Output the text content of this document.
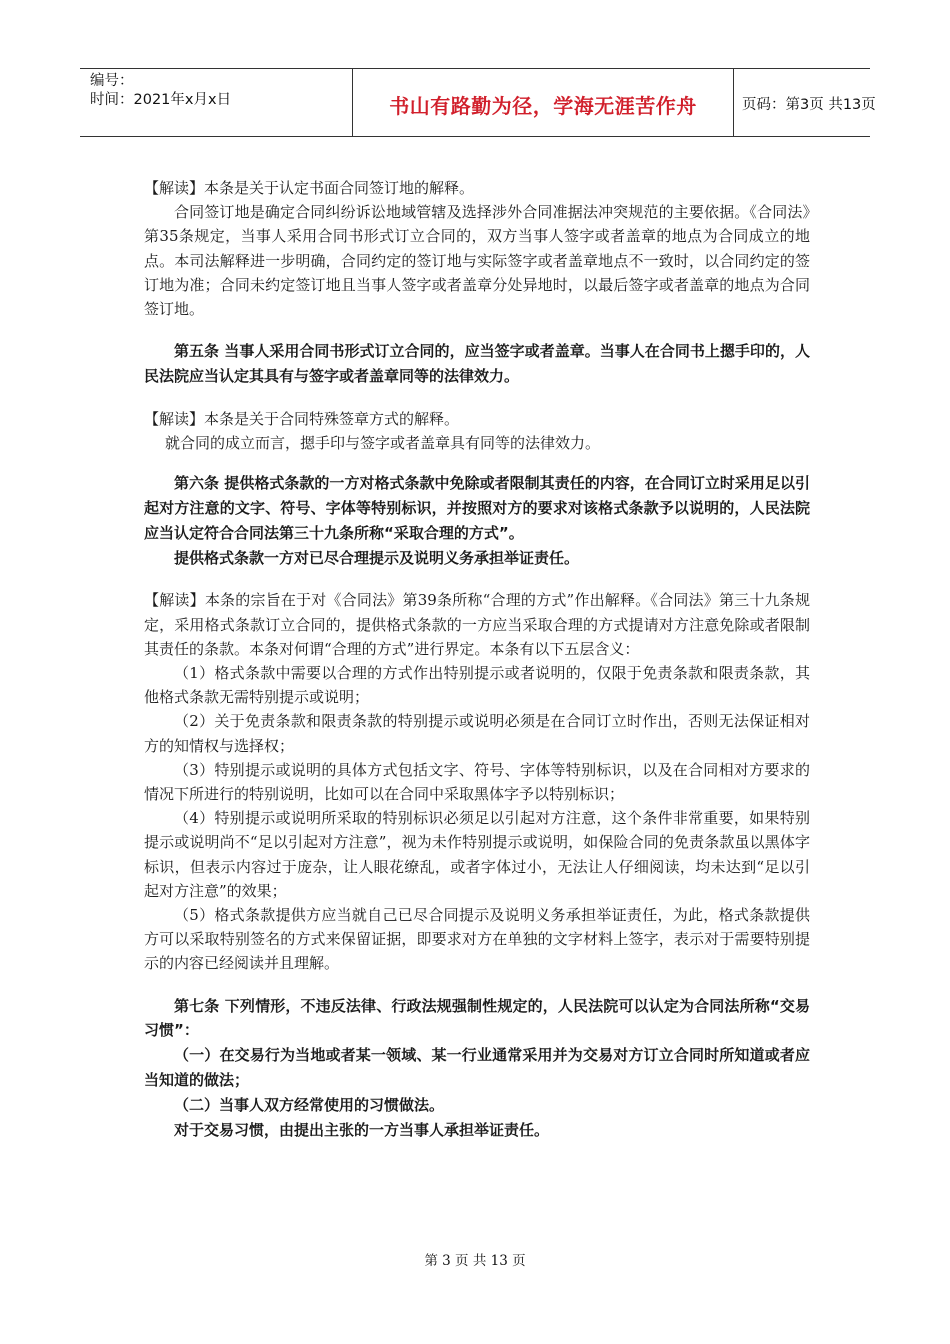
编号：
时间：2021年x月x日	书山有路勤为径，学海无涯苦作舟	页码：第3页 共13页

【解读】本条是关于认定书面合同签订地的解释。

合同签订地是确定合同纠纷诉讼地域管辖及选择涉外合同准据法冲突规范的主要依据。《合同法》第35条规定，当事人采用合同书形式订立合同的，双方当事人签字或者盖章的地点为合同成立的地点。本司法解释进一步明确，合同约定的签订地与实际签字或者盖章地点不一致时，以合同约定的签订地为准；合同未约定签订地且当事人签字或者盖章分处异地时，以最后签字或者盖章的地点为合同签订地。

第五条 当事人采用合同书形式订立合同的，应当签字或者盖章。当事人在合同书上摁手印的，人民法院应当认定其具有与签字或者盖章同等的法律效力。

【解读】本条是关于合同特殊签章方式的解释。

就合同的成立而言，摁手印与签字或者盖章具有同等的法律效力。

第六条 提供格式条款的一方对格式条款中免除或者限制其责任的内容，在合同订立时采用足以引起对方注意的文字、符号、字体等特别标识，并按照对方的要求对该格式条款予以说明的，人民法院应当认定符合合同法第三十九条所称“采取合理的方式”。

提供格式条款一方对已尽合理提示及说明义务承担举证责任。

【解读】本条的宗旨在于对《合同法》第39条所称“合理的方式”作出解释。《合同法》第三十九条规定，采用格式条款订立合同的，提供格式条款的一方应当采取合理的方式提请对方注意免除或者限制其责任的条款。本条对何谓“合理的方式”进行界定。本条有以下五层含义：

（1）格式条款中需要以合理的方式作出特别提示或者说明的，仅限于免责条款和限责条款，其他格式条款无需特别提示或说明；

（2）关于免责条款和限责条款的特别提示或说明必须是在合同订立时作出，否则无法保证相对方的知情权与选择权；

（3）特别提示或说明的具体方式包括文字、符号、字体等特别标识，以及在合同相对方要求的情况下所进行的特别说明，比如可以在合同中采取黑体字予以特别标识；

（4）特别提示或说明所采取的特别标识必须足以引起对方注意，这个条件非常重要，如果特别提示或说明尚不“足以引起对方注意”，视为未作特别提示或说明，如保险合同的免责条款虽以黑体字标识，但表示内容过于庞杂，让人眼花缭乱，或者字体过小，无法让人仔细阅读，均未达到“足以引起对方注意”的效果；

（5）格式条款提供方应当就自己已尽合同提示及说明义务承担举证责任，为此，格式条款提供方可以采取特别签名的方式来保留证据，即要求对方在单独的文字材料上签字，表示对于需要特别提示的内容已经阅读并且理解。

第七条 下列情形，不违反法律、行政法规强制性规定的，人民法院可以认定为合同法所称“交易习惯”：

（一）在交易行为当地或者某一领域、某一行业通常采用并为交易对方订立合同时所知道或者应当知道的做法；

（二）当事人双方经常使用的习惯做法。

对于交易习惯，由提出主张的一方当事人承担举证责任。

第 3 页 共 13 页
